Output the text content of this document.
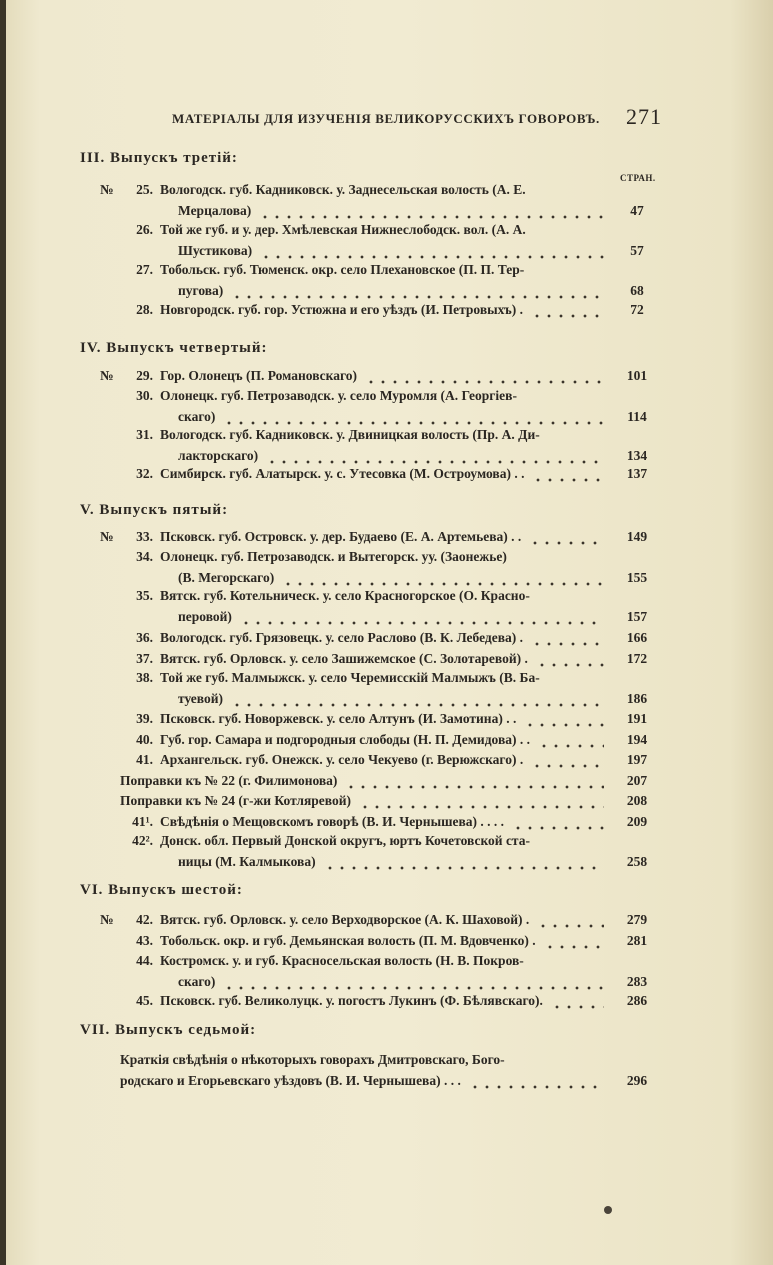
МАТЕРІАЛЫ ДЛЯ ИЗУЧЕНІЯ ВЕЛИКОРУССКИХЪ ГОВОРОВЪ. 271
СТРАН.
III. Выпускъ третій:
IV. Выпускъ четвертый:
V. Выпускъ пятый:
VI. Выпускъ шестой:
VII. Выпускъ седьмой:
№ 25. Вологодск. губ. Кадниковск. у. Заднесельская волость (А. Е.
Мерцалова)	47
26. Той же губ. и у. дер. Хмѣлевская Нижнеслободск. вол. (А. А.
Шустикова)	57
27. Тобольск. губ. Тюменск. окр. село Плехановское (П. П. Тер-
пугова)	68
28. Новгородск. губ. гор. Устюжна и его уѣздъ (И. Петровыхъ) .	72
№ 29. Гор. Олонецъ (П. Романовскаго)	101
30. Олонецк. губ. Петрозаводск. у. село Муромля (А. Георгіев-
скаго)	114
31. Вологодск. губ. Кадниковск. у. Двиницкая волость (Пр. А. Ди-
лакторскаго)	134
32. Симбирск. губ. Алатырск. у. с. Утесовка (М. Остроумова) . .	137
№ 33. Псковск. губ. Островск. у. дер. Будаево (Е. А. Артемьева) . .	149
34. Олонецк. губ. Петрозаводск. и Вытегорск. уу. (Заонежье)
(В. Мегорскаго)	155
35. Вятск. губ. Котельническ. у. село Красногорское (О. Красно-
перовой)	157
36. Вологодск. губ. Грязовецк. у. село Раслово (В. К. Лебедева) .	166
37. Вятск. губ. Орловск. у. село Зашижемское (С. Золотаревой) .	172
38. Той же губ. Малмыжск. у. село Черемисскій Малмыжъ (В. Ба-
туевой)	186
39. Псковск. губ. Новоржевск. у. село Алтунъ (И. Замотина) . .	191
40. Губ. гор. Самара и подгородныя слободы (Н. П. Демидова) . .	194
41. Архангельск. губ. Онежск. у. село Чекуево (г. Верюжскаго) .	197
Поправки къ № 22 (г. Филимонова)	207
Поправки къ № 24 (г-жи Котляревой)	208
41¹. Свѣдѣнія о Мещовскомъ говорѣ (В. И. Чернышева) . . . .	209
42². Донск. обл. Первый Донской округъ, юртъ Кочетовской ста-
ницы (М. Калмыкова)	258
№ 42. Вятск. губ. Орловск. у. село Верходворское (А. К. Шаховой) .	279
43. Тобольск. окр. и губ. Демьянская волость (П. М. Вдовченко) .	281
44. Костромск. у. и губ. Красносельская волость (Н. В. Покров-
скаго)	283
45. Псковск. губ. Великолуцк. у. погостъ Лукинъ (Ф. Бѣлявскаго).	286
Краткія свѣдѣнія о нѣкоторыхъ говорахъ Дмитровскаго, Бого-
родскаго и Егорьевскаго уѣздовъ (В. И. Чернышева) . . .	296
